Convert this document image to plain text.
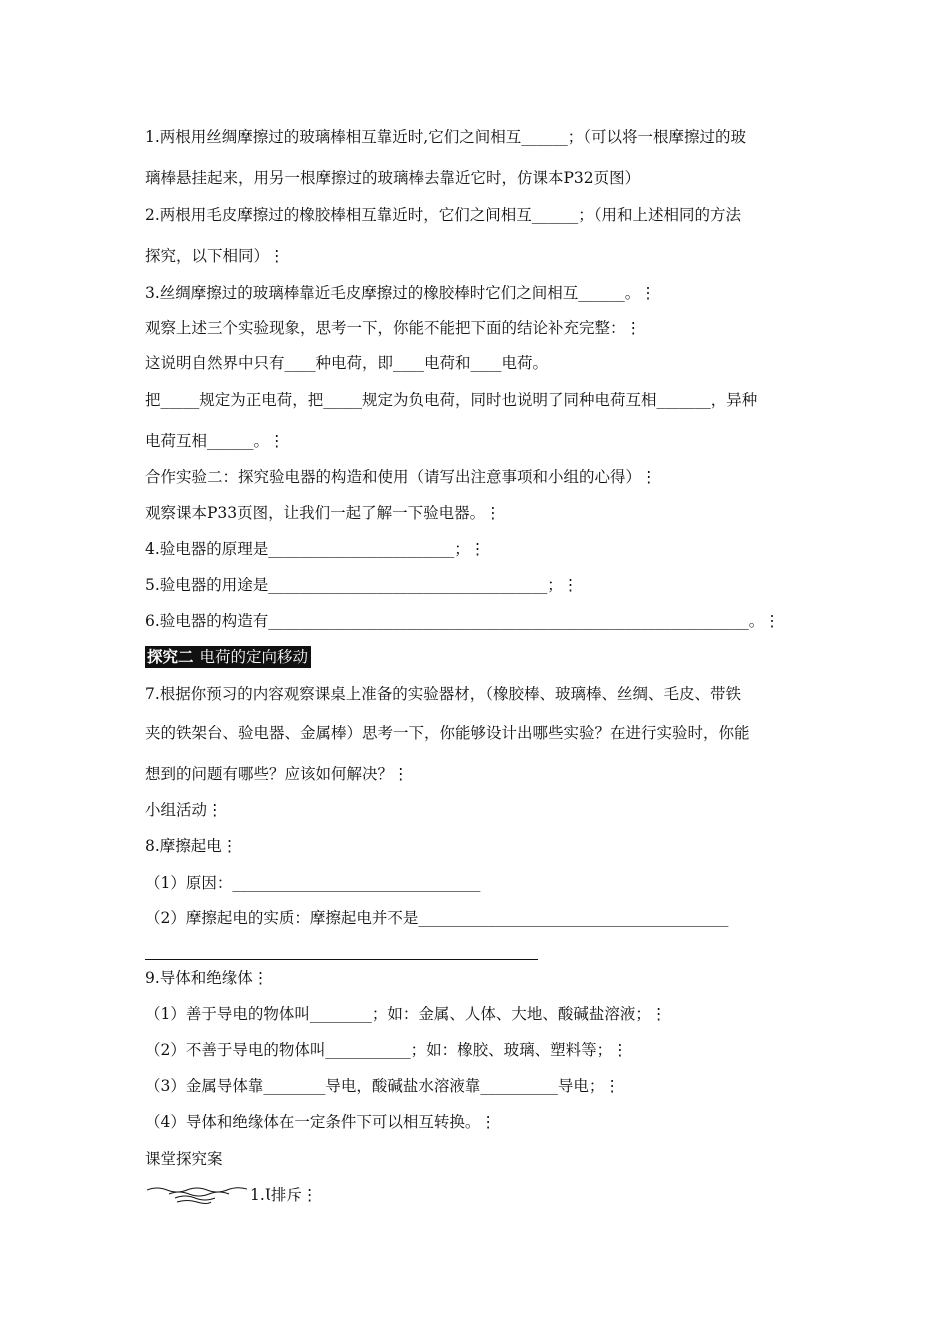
1.两根用丝绸摩擦过的玻璃棒相互靠近时,它们之间相互______；（可以将一根摩擦过的玻
璃棒悬挂起来，用另一根摩擦过的玻璃棒去靠近它时，仿课本P32页图）
2.两根用毛皮摩擦过的橡胶棒相互靠近时，它们之间相互______；（用和上述相同的方法
探究，以下相同）⋮
3.丝绸摩擦过的玻璃棒靠近毛皮摩擦过的橡胶棒时它们之间相互______。⋮
观察上述三个实验现象，思考一下，你能不能把下面的结论补充完整：⋮
这说明自然界中只有____种电荷，即____电荷和____电荷。
把_____规定为正电荷，把_____规定为负电荷，同时也说明了同种电荷互相_______，异种
电荷互相______。⋮
合作实验二：探究验电器的构造和使用（请写出注意事项和小组的心得）⋮
观察课本P33页图，让我们一起了解一下验电器。⋮
4.验电器的原理是________________________；⋮
5.验电器的用途是____________________________________；⋮
6.验电器的构造有______________________________________________________________。⋮
探究二 电荷的定向移动
7.根据你预习的内容观察课桌上准备的实验器材，（橡胶棒、玻璃棒、丝绸、毛皮、带铁
夹的铁架台、验电器、金属棒）思考一下，你能够设计出哪些实验？在进行实验时，你能
想到的问题有哪些？应该如何解决？⋮
小组活动⋮
8.摩擦起电⋮
（1）原因：________________________________
（2）摩擦起电的实质：摩擦起电并不是________________________________________
9.导体和绝缘体⋮
（1）善于导电的物体叫________；如：金属、人体、大地、酸碱盐溶液；⋮
（2）不善于导电的物体叫___________；如：橡胶、玻璃、塑料等；⋮
（3）金属导体靠________导电，酸碱盐水溶液靠__________导电；⋮
（4）导体和绝缘体在一定条件下可以相互转换。⋮
课堂探究案
1.Ɩ排斥⋮
